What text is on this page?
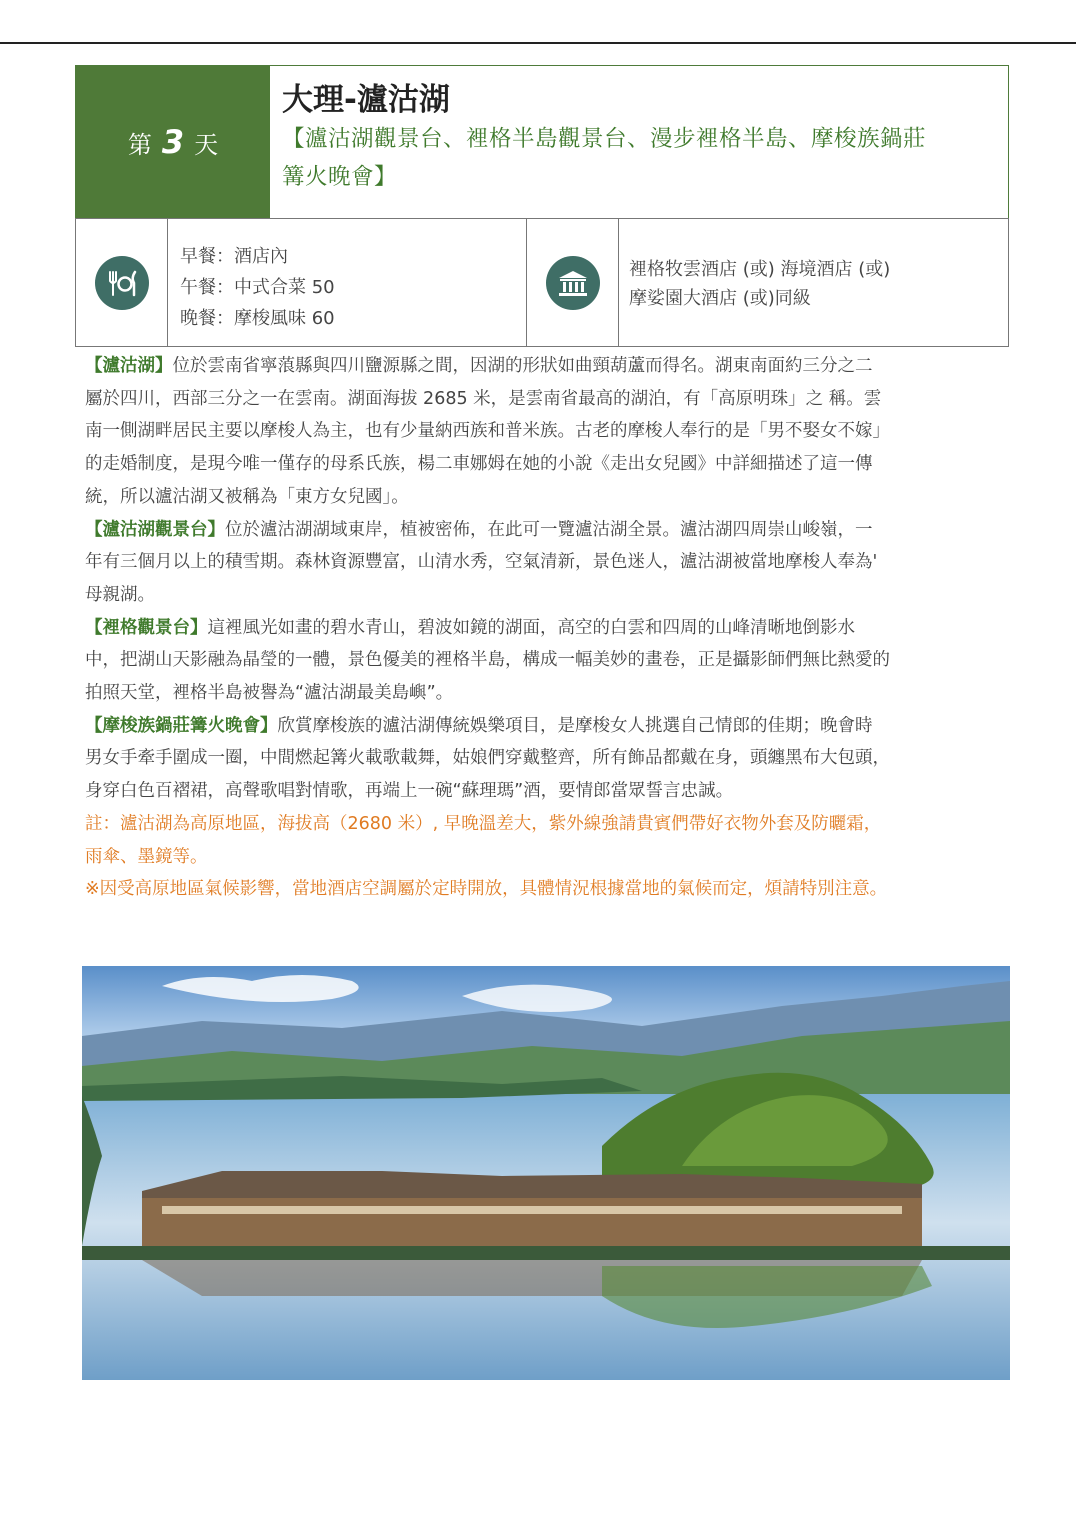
第 3 天
大理-瀘沽湖
【瀘沽湖觀景台、裡格半島觀景台、漫步裡格半島、摩梭族鍋莊
篝火晚會】
早餐：酒店內
午餐：中式合菜 50
晚餐：摩梭風味 60
裡格牧雲酒店 (或) 海境酒店 (或)
摩娑園大酒店 (或)同級

【瀘沽湖】位於雲南省寧蒗縣與四川鹽源縣之間，因湖的形狀如曲頸葫蘆而得名。湖東南面約三分之二

屬於四川，西部三分之一在雲南。湖面海拔 2685 米，是雲南省最高的湖泊，有「高原明珠」之 稱。雲

南一側湖畔居民主要以摩梭人為主，也有少量納西族和普米族。古老的摩梭人奉行的是「男不娶女不嫁」

的走婚制度，是現今唯一僅存的母系氏族，楊二車娜姆在她的小說《走出女兒國》中詳細描述了這一傳

統，所以瀘沽湖又被稱為「東方女兒國」。

【瀘沽湖觀景台】位於瀘沽湖湖域東岸，植被密佈，在此可一覽瀘沽湖全景。瀘沽湖四周崇山峻嶺，一

年有三個月以上的積雪期。森林資源豐富，山清水秀，空氣清新，景色迷人，瀘沽湖被當地摩梭人奉為'

母親湖。

【裡格觀景台】這裡風光如畫的碧水青山，碧波如鏡的湖面，高空的白雲和四周的山峰清晰地倒影水

中，把湖山天影融為晶瑩的一體，景色優美的裡格半島，構成一幅美妙的畫卷，正是攝影師們無比熱愛的

拍照天堂，裡格半島被譽為“瀘沽湖最美島嶼”。

【摩梭族鍋莊篝火晚會】欣賞摩梭族的瀘沽湖傳統娛樂項目，是摩梭女人挑選自己情郎的佳期；晚會時

男女手牽手圍成一圈，中間燃起篝火載歌載舞，姑娘們穿戴整齊，所有飾品都戴在身，頭纏黑布大包頭，

身穿白色百褶裙，高聲歌唱對情歌，再端上一碗“蘇理瑪”酒，要情郎當眾誓言忠誠。

註：瀘沽湖為高原地區，海拔高（2680 米）, 早晚溫差大，紫外線強請貴賓們帶好衣物外套及防曬霜，

雨傘、墨鏡等。

※因受高原地區氣候影響，當地酒店空調屬於定時開放，具體情況根據當地的氣候而定，煩請特別注意。
